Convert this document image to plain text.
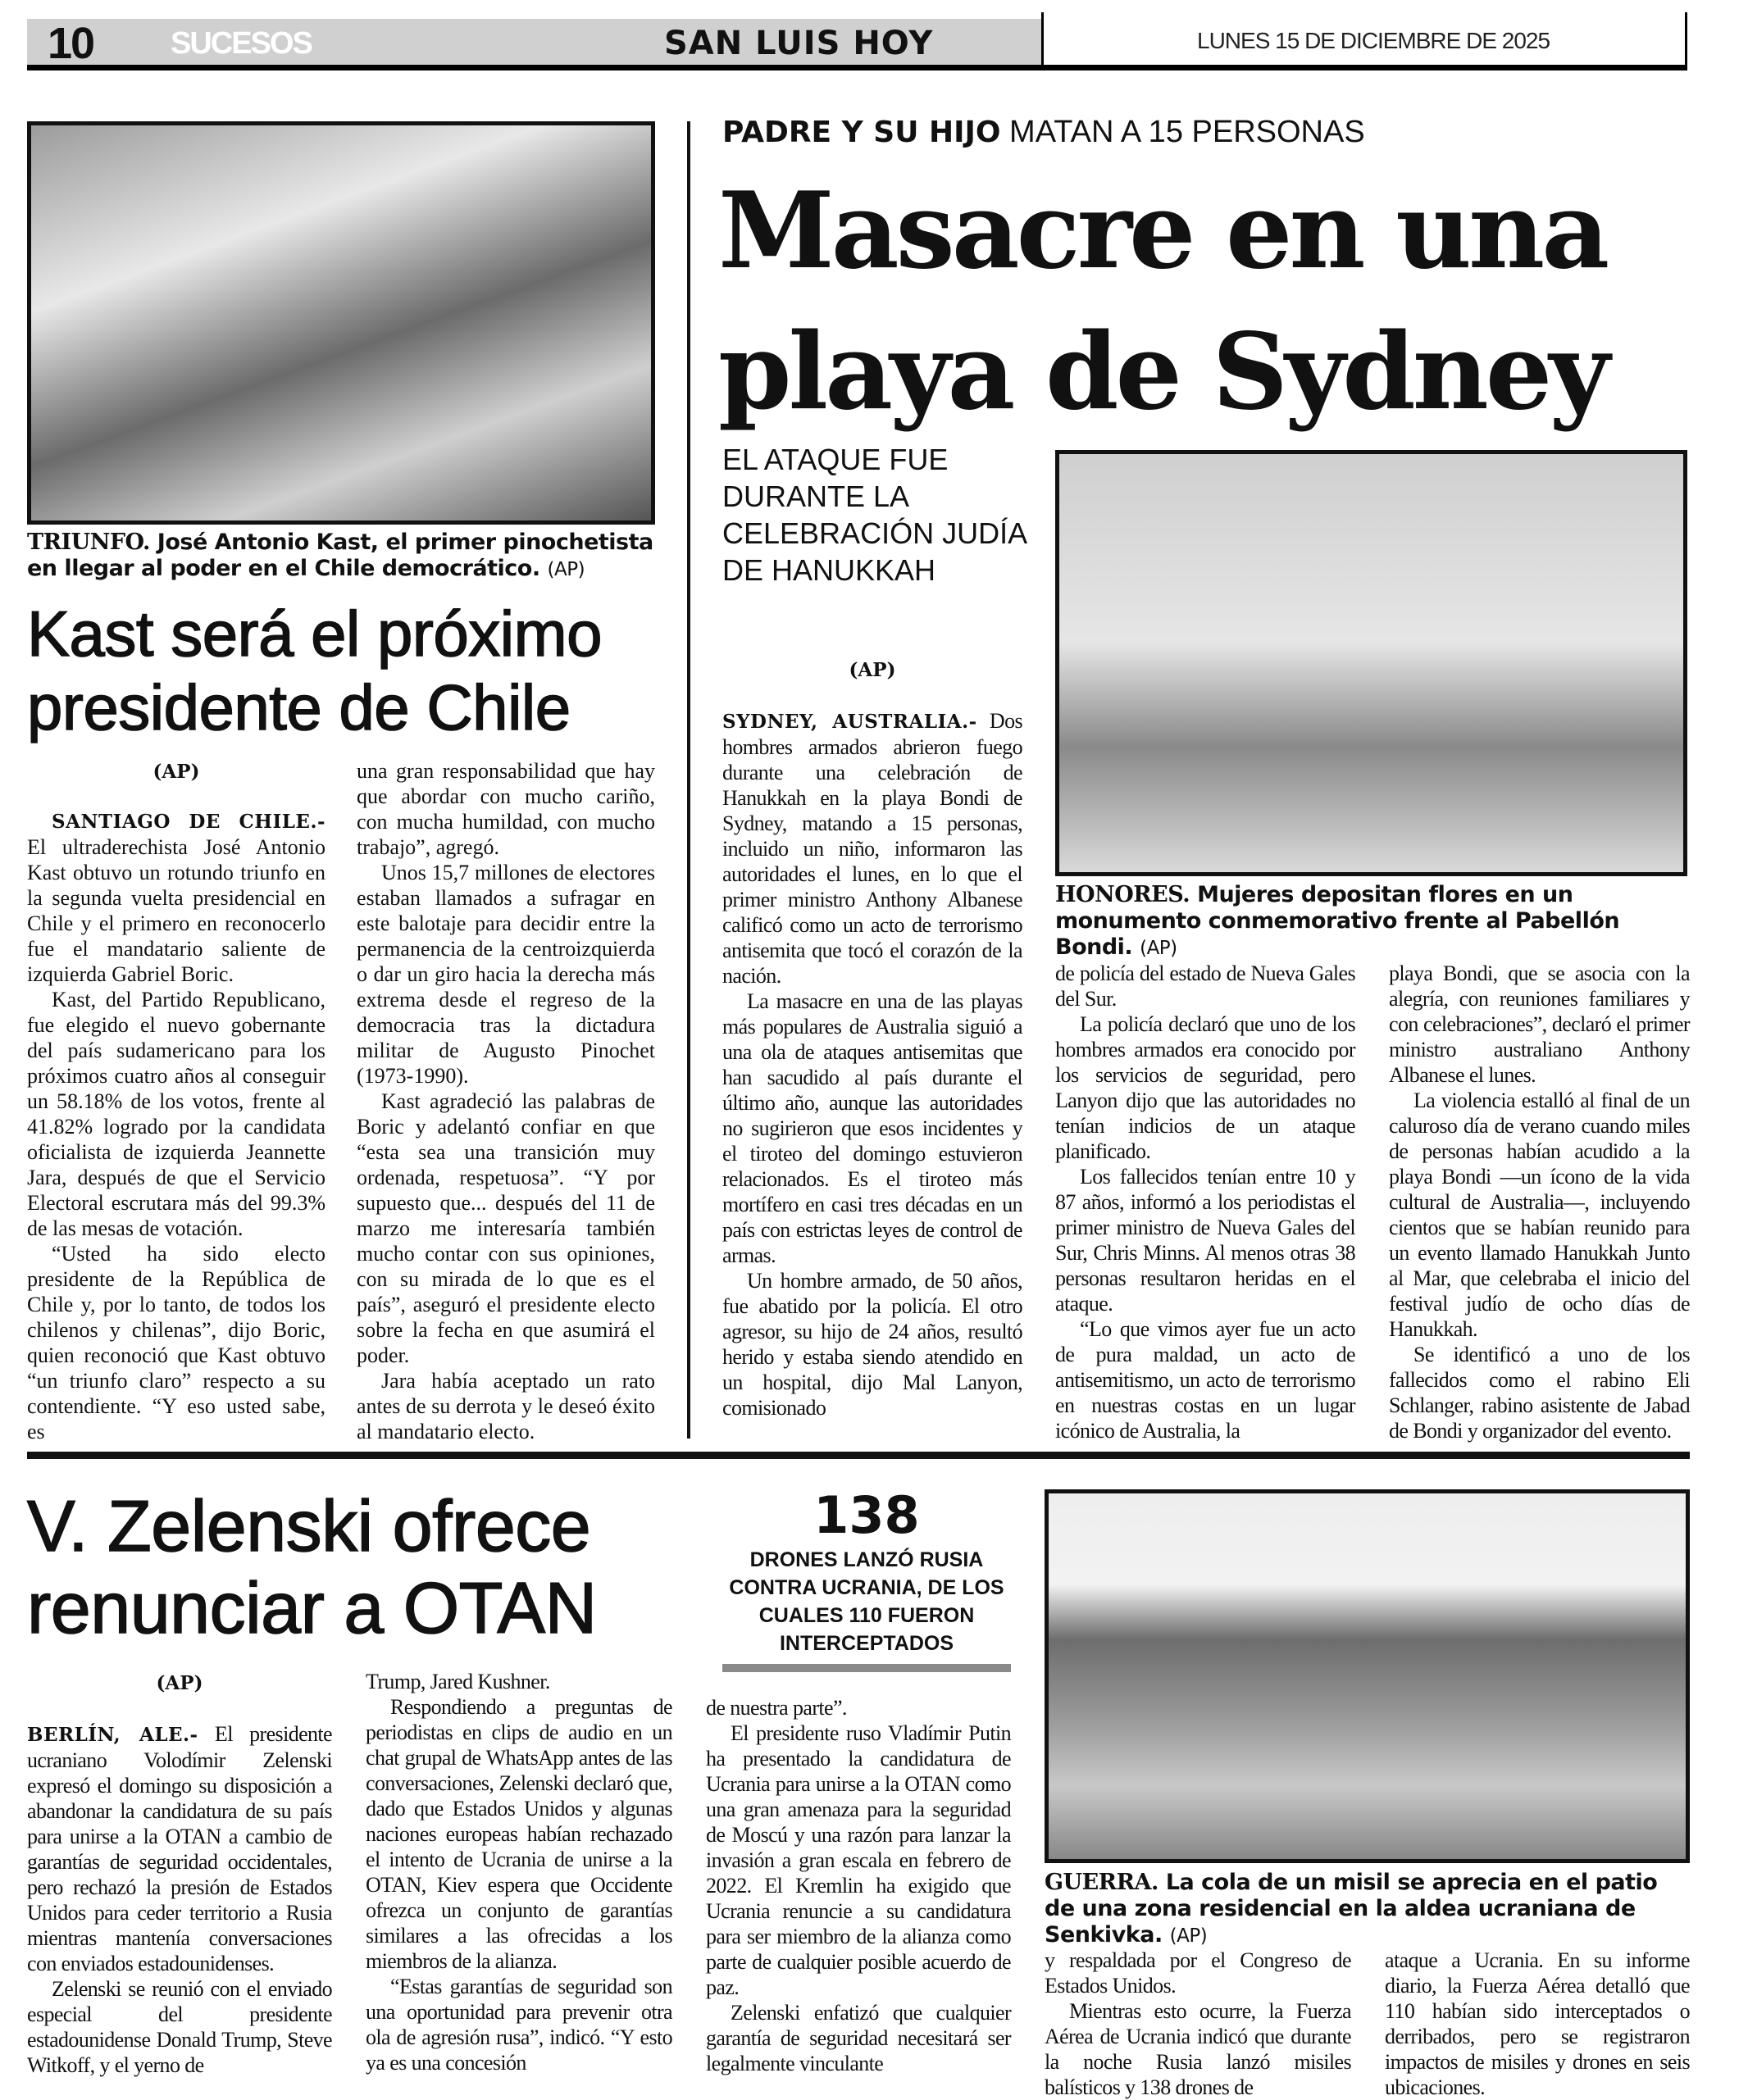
10 SUCESOS	SAN LUIS HOY	LUNES 15 DE DICIEMBRE DE 2025
TRIUNFO. José Antonio Kast, el primer pinochetista en llegar al poder en el Chile democrático. (AP)
Kast será el próximo presidente de Chile
(AP)

SANTIAGO DE CHILE.- El ultraderechista José Antonio Kast obtuvo un rotundo triunfo en la segunda vuelta presidencial en Chile y el primero en reconocerlo fue el mandatario saliente de izquierda Gabriel Boric.

Kast, del Partido Republicano, fue elegido el nuevo gobernante del país sudamericano para los próximos cuatro años al conseguir un 58.18% de los votos, frente al 41.82% logrado por la candidata oficialista de izquierda Jeannette Jara, después de que el Servicio Electoral escrutara más del 99.3% de las mesas de votación.

“Usted ha sido electo presidente de la República de Chile y, por lo tanto, de todos los chilenos y chilenas”, dijo Boric, quien reconoció que Kast obtuvo “un triunfo claro” respecto a su contendiente. “Y eso usted sabe, es

una gran responsabilidad que hay que abordar con mucho cariño, con mucha humildad, con mucho trabajo”, agregó.

Unos 15,7 millones de electores estaban llamados a sufragar en este balotaje para decidir entre la permanencia de la centroizquierda o dar un giro hacia la derecha más extrema desde el regreso de la democracia tras la dictadura militar de Augusto Pinochet (1973-1990).

Kast agradeció las palabras de Boric y adelantó confiar en que “esta sea una transición muy ordenada, respetuosa”. “Y por supuesto que... después del 11 de marzo me interesaría también mucho contar con sus opiniones, con su mirada de lo que es el país”, aseguró el presidente electo sobre la fecha en que asumirá el poder.

Jara había aceptado un rato antes de su derrota y le deseó éxito al mandatario electo.

PADRE Y SU HIJO MATAN A 15 PERSONAS
Masacre en una
playa de Sydney
EL ATAQUE FUE DURANTE LA CELEBRACIÓN JUDÍA DE HANUKKAH
(AP)
HONORES. Mujeres depositan flores en un monumento conmemorativo frente al Pabellón Bondi. (AP)

SYDNEY, AUSTRALIA.- Dos hombres armados abrieron fuego durante una celebración de Hanukkah en la playa Bondi de Sydney, matando a 15 personas, incluido un niño, informaron las autoridades el lunes, en lo que el primer ministro Anthony Albanese calificó como un acto de terrorismo antisemita que tocó el corazón de la nación.

La masacre en una de las playas más populares de Australia siguió a una ola de ataques antisemitas que han sacudido al país durante el último año, aunque las autoridades no sugirieron que esos incidentes y el tiroteo del domingo estuvieron relacionados. Es el tiroteo más mortífero en casi tres décadas en un país con estrictas leyes de control de armas.

Un hombre armado, de 50 años, fue abatido por la policía. El otro agresor, su hijo de 24 años, resultó herido y estaba siendo atendido en un hospital, dijo Mal Lanyon, comisionado

de policía del estado de Nueva Gales del Sur.

La policía declaró que uno de los hombres armados era conocido por los servicios de seguridad, pero Lanyon dijo que las autoridades no tenían indicios de un ataque planificado.

Los fallecidos tenían entre 10 y 87 años, informó a los periodistas el primer ministro de Nueva Gales del Sur, Chris Minns. Al menos otras 38 personas resultaron heridas en el ataque.

“Lo que vimos ayer fue un acto de pura maldad, un acto de antisemitismo, un acto de terrorismo en nuestras costas en un lugar icónico de Australia, la

playa Bondi, que se asocia con la alegría, con reuniones familiares y con celebraciones”, declaró el primer ministro australiano Anthony Albanese el lunes.

La violencia estalló al final de un caluroso día de verano cuando miles de personas habían acudido a la playa Bondi —un ícono de la vida cultural de Australia—, incluyendo cientos que se habían reunido para un evento llamado Hanukkah Junto al Mar, que celebraba el inicio del festival judío de ocho días de Hanukkah.

Se identificó a uno de los fallecidos como el rabino Eli Schlanger, rabino asistente de Jabad de Bondi y organizador del evento.

V. Zelenski ofrece renunciar a OTAN
(AP)
138
DRONES LANZÓ RUSIA CONTRA UCRANIA, DE LOS CUALES 110 FUERON INTERCEPTADOS
GUERRA. La cola de un misil se aprecia en el patio de una zona residencial en la aldea ucraniana de Senkivka. (AP)

BERLÍN, ALE.- El presidente ucraniano Volodímir Zelenski expresó el domingo su disposición a abandonar la candidatura de su país para unirse a la OTAN a cambio de garantías de seguridad occidentales, pero rechazó la presión de Estados Unidos para ceder territorio a Rusia mientras mantenía conversaciones con enviados estadounidenses.

Zelenski se reunió con el enviado especial del presidente estadounidense Donald Trump, Steve Witkoff, y el yerno de

Trump, Jared Kushner.

Respondiendo a preguntas de periodistas en clips de audio en un chat grupal de WhatsApp antes de las conversaciones, Zelenski declaró que, dado que Estados Unidos y algunas naciones europeas habían rechazado el intento de Ucrania de unirse a la OTAN, Kiev espera que Occidente ofrezca un conjunto de garantías similares a las ofrecidas a los miembros de la alianza.

“Estas garantías de seguridad son una oportunidad para prevenir otra ola de agresión rusa”, indicó. “Y esto ya es una concesión

de nuestra parte”.

El presidente ruso Vladímir Putin ha presentado la candidatura de Ucrania para unirse a la OTAN como una gran amenaza para la seguridad de Moscú y una razón para lanzar la invasión a gran escala en febrero de 2022. El Kremlin ha exigido que Ucrania renuncie a su candidatura para ser miembro de la alianza como parte de cualquier posible acuerdo de paz.

Zelenski enfatizó que cualquier garantía de seguridad necesitará ser legalmente vinculante

y respaldada por el Congreso de Estados Unidos.

Mientras esto ocurre, la Fuerza Aérea de Ucrania indicó que durante la noche Rusia lanzó misiles balísticos y 138 drones de

ataque a Ucrania. En su informe diario, la Fuerza Aérea detalló que 110 habían sido interceptados o derribados, pero se registraron impactos de misiles y drones en seis ubicaciones.
